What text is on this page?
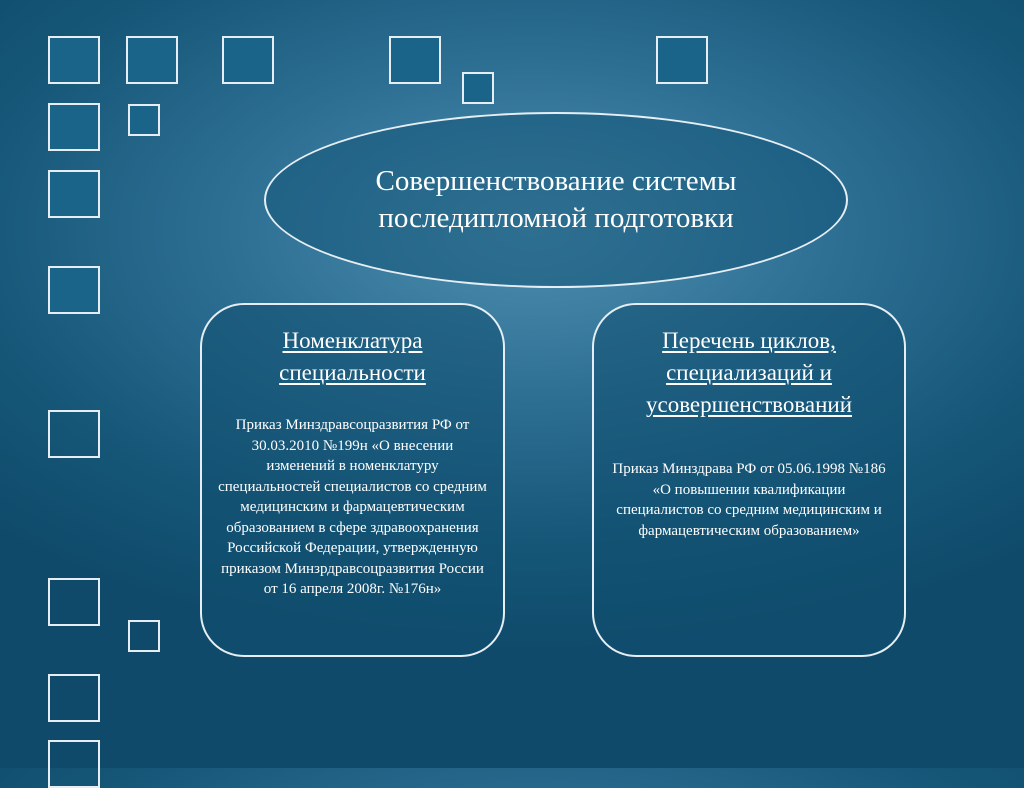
Совершенствование системы последипломной подготовки
Номенклатура специальности
Приказ Минздравсоцразвития РФ от 30.03.2010 №199н «О внесении изменений в номенклатуру специальностей специалистов со средним медицинским и фармацевтическим образованием в сфере здравоохранения Российской Федерации, утвержденную приказом Минзрдравсоцразвития России от 16 апреля 2008г. №176н»
Перечень циклов, специализаций и усовершенствований
Приказ Минздрава РФ от 05.06.1998 №186 «О повышении квалификации специалистов со средним медицинским и фармацевтическим образованием»
